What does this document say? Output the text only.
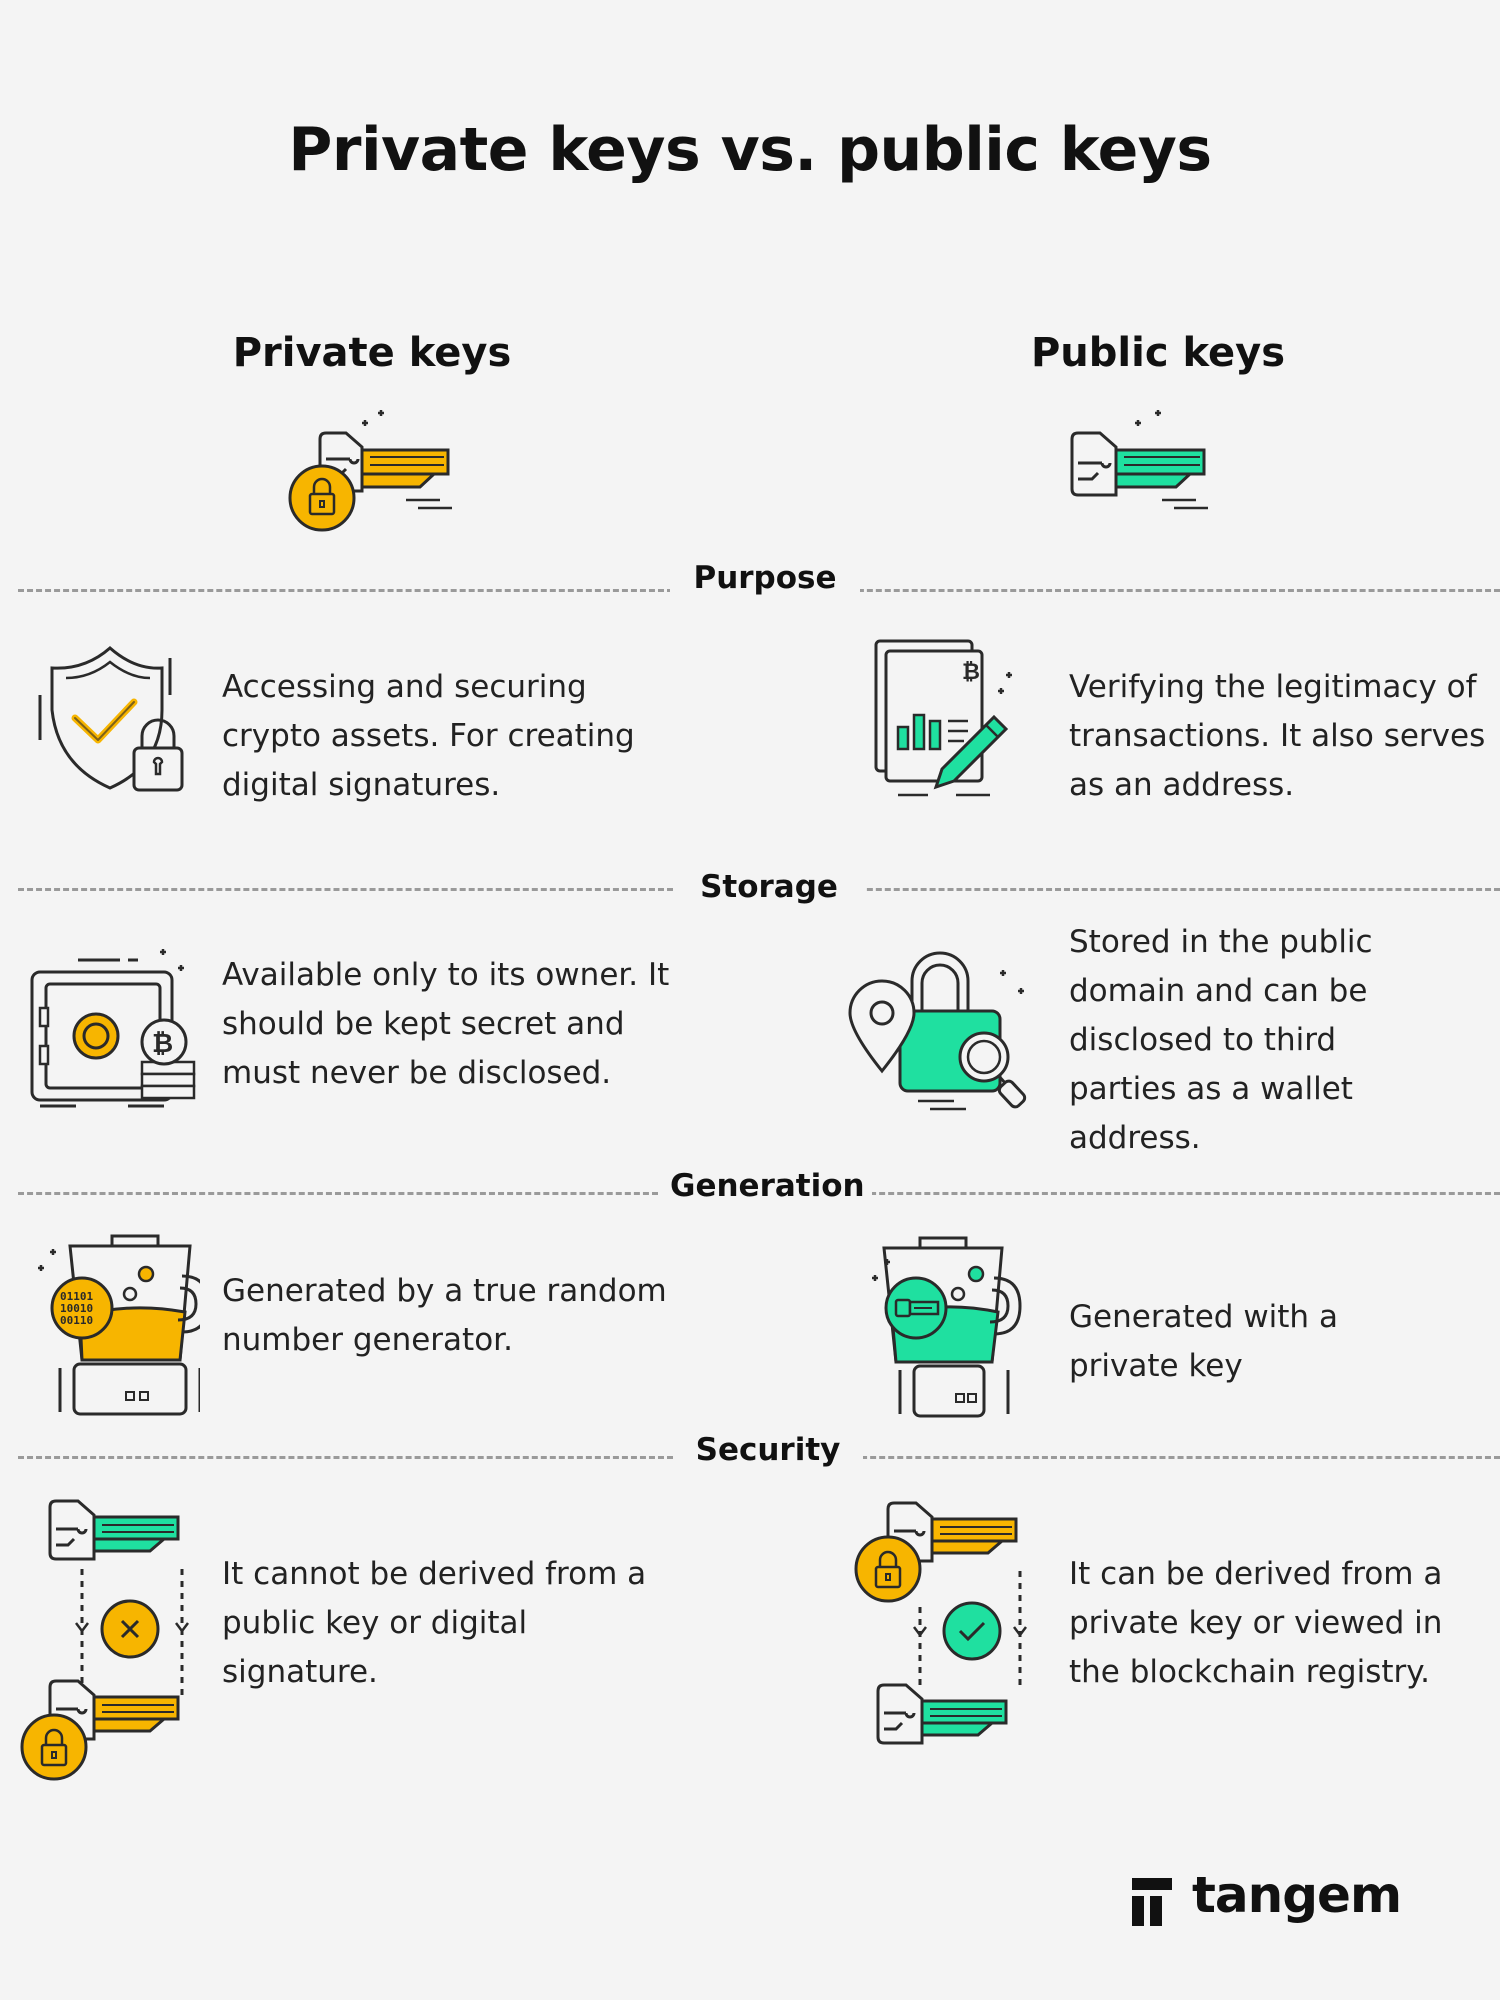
Private keys vs. public keys
Private keys	Public keys
Purpose
Accessing and securing crypto assets. For creating digital signatures.
₿	Verifying the legitimacy of transactions. It also serves as an address.
Storage
₿
Available only to its owner. It should be kept secret and must never be disclosed.
Stored in the public domain and can be disclosed to third parties as a wallet address.
Generation
01101
10010
00110
Generated by a true random number generator.
Generated with a private key
Security
It cannot be derived from a public key or digital signature.
It can be derived from a private key or viewed in the blockchain registry.
tangem
